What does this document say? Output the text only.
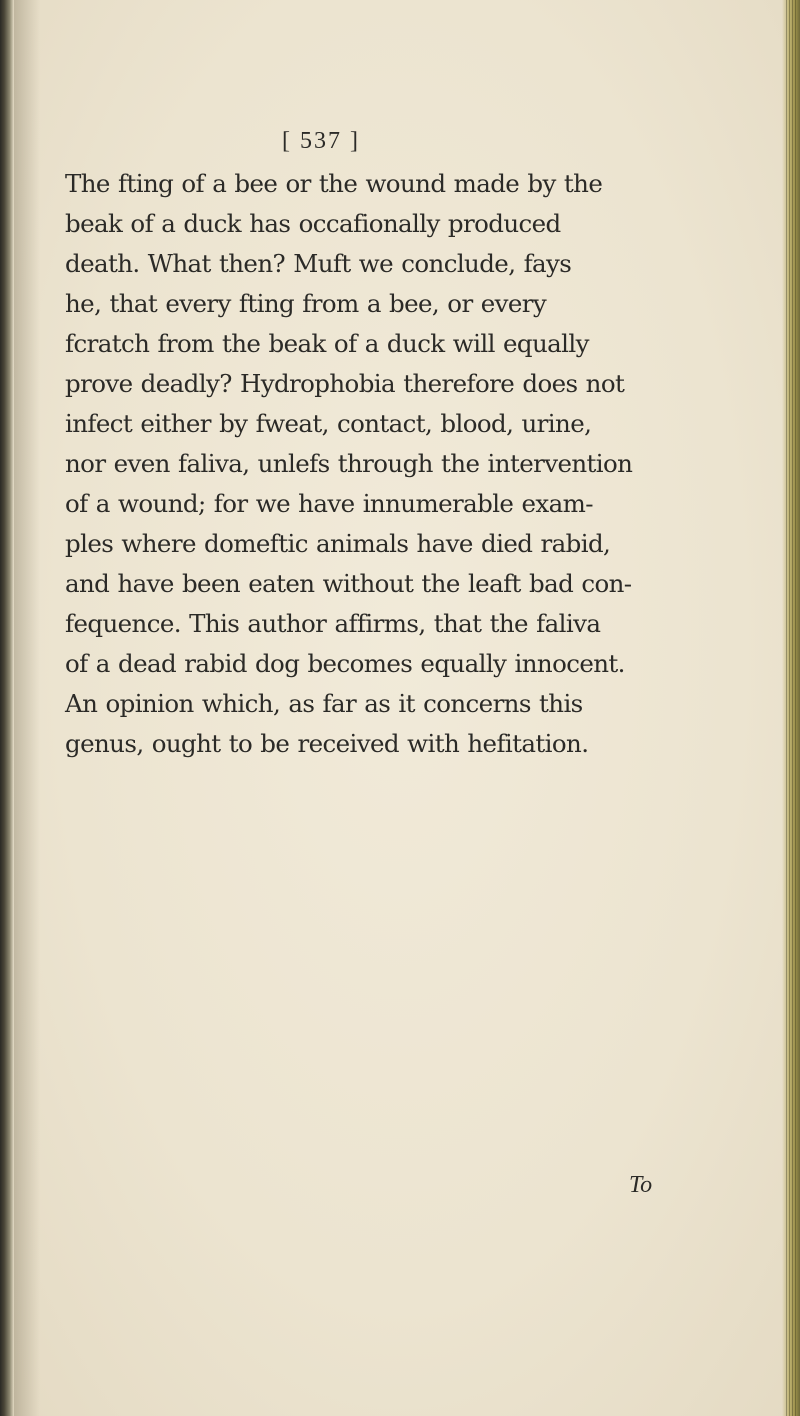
[ 537 ]
The fting of a bee or the wound made by the
beak of a duck has occafionally produced
death. What then? Muft we conclude, fays
he, that every fting from a bee, or every
fcratch from the beak of a duck will equally
prove deadly? Hydrophobia therefore does not
infect either by fweat, contact, blood, urine,
nor even faliva, unlefs through the intervention
of a wound; for we have innumerable exam-
ples where domeftic animals have died rabid,
and have been eaten without the leaft bad con-
fequence. This author affirms, that the faliva
of a dead rabid dog becomes equally innocent.
An opinion which, as far as it concerns this
genus, ought to be received with hefitation.
To
